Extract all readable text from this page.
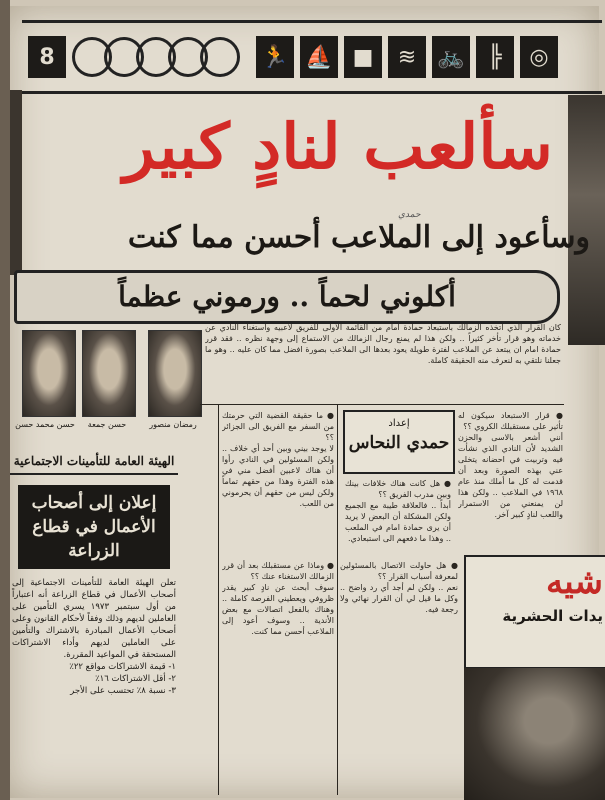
8	🏃 ⛵ ■	≋ 🚲	╠	◎
سألعب لنادٍ كبير
حمدي
وسأعود إلى الملاعب أحسن مما كنت
أكلوني لحماً .. ورموني عظماً
رمضان منصور
حسن جمعة
حسن محمد حسن
كان القرار الذي اتخذه الزمالك باستبعاد حمادة امام من القائمة الاولى للفريق لاعبيه واستغناء النادي عن خدماته وهو قرار تأخر كثيراً .. ولكن هذا لم يمنع رجال الزمالك من الاستماع إلى وجهة نظره .. فقد قرر حمادة امام ان يبتعد عن الملاعب لفترة طويلة يعود بعدها الى الملاعب بصورة افضل مما كان عليه .. وهو ما جعلنا نلتقي به لنعرف منه الحقيقة كاملة.
● قرار الاستبعاد سيكون له تأثير على مستقبلك الكروي ؟؟
أنني أشعر بالاسى والحزن الشديد لأن النادي الذي نشأت فيه وتربيت في احضانه يتخلى عني بهذه الصورة وبعد أن قدمت له كل ما أملك منذ عام ١٩٦٨ في الملاعب .. ولكن هذا لن يمنعني من الاستمرار واللعب لنادٍ كبير آخر.
● هل كانت هناك خلافات بينك وبين مدرب الفريق ؟؟
أبداً .. فالعلاقة طيبة مع الجميع ولكن المشكلة أن البعض لا يريد أن يرى حمادة امام في الملعب .. وهذا ما دفعهم الى استبعادي.
● ما حقيقة القضية التي حرمتك من السفر مع الفريق الى الجزائر ؟؟
لا يوجد بيني وبين أحد أي خلاف .. ولكن المسئولين في النادي رأوا أن هناك لاعبين أفضل مني في هذه الفترة وهذا من حقهم تماماً ولكن ليس من حقهم أن يحرموني من اللعب.
● هل حاولت الاتصال بالمسئولين لمعرفة أسباب القرار ؟؟
نعم .. ولكن لم أجد أي رد واضح .. وكل ما قيل لي أن القرار نهائي ولا رجعة فيه.
● وماذا عن مستقبلك بعد أن قرر الزمالك الاستغناء عنك ؟؟
سوف أبحث عن نادٍ كبير يقدر ظروفي ويعطيني الفرصة كاملة .. وهناك بالفعل اتصالات مع بعض الأندية .. وسوف أعود إلى الملاعب أحسن مما كنت.
إعداد
حمدي النحاس
الهيئة العامة للتأمينات الاجتماعية
إعلان إلى أصحاب الأعمال في قطاع الزراعة
تعلن الهيئة العامة للتأمينات الاجتماعية إلى أصحاب الأعمال في قطاع الزراعة أنه اعتباراً من أول سبتمبر ١٩٧٣ يسري التأمين على العاملين لديهم وذلك وفقاً لأحكام القانون وعلى أصحاب الأعمال المبادرة بالاشتراك والتأمين على العاملين لديهم وأداء الاشتراكات المستحقة في المواعيد المقررة.
١- قيمة الاشتراكات مواقع ٢٢٪
٢- أقل الاشتراكات ١٦٪
٣- نسبة ٨٪ تحتسب على الأجر
شيه
يدات الحشرية
